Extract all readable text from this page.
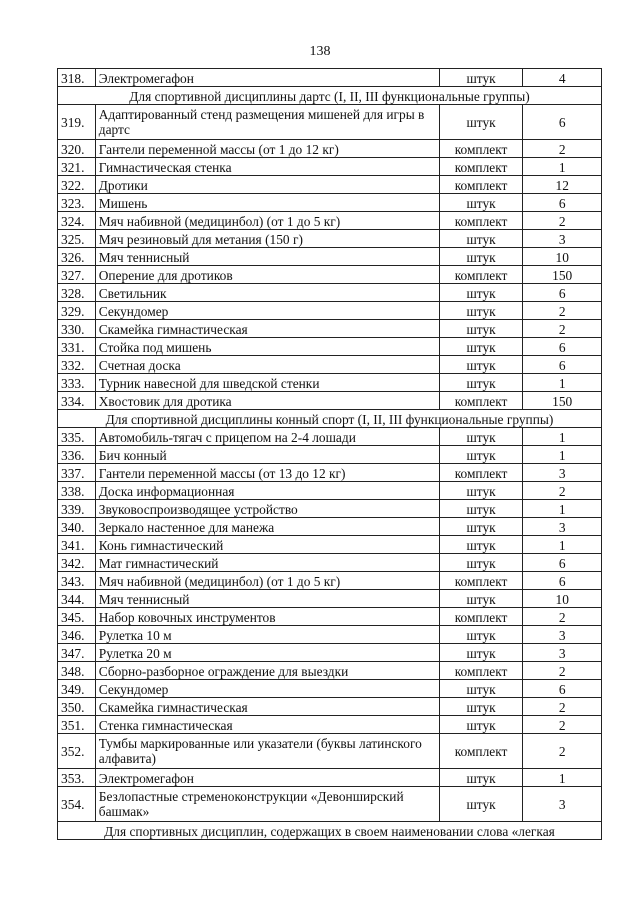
138
318.	Электромегафон	штук	4
Для спортивной дисциплины дартс (I, II, III функциональные группы)			
319.	Адаптированный стенд размещения мишеней для игры в дартс	штук	6
320.	Гантели переменной массы (от 1 до 12 кг)	комплект	2
321.	Гимнастическая стенка	комплект	1
322.	Дротики	комплект	12
323.	Мишень	штук	6
324.	Мяч набивной (медицинбол) (от 1 до 5 кг)	комплект	2
325.	Мяч резиновый для метания (150 г)	штук	3
326.	Мяч теннисный	штук	10
327.	Оперение для дротиков	комплект	150
328.	Светильник	штук	6
329.	Секундомер	штук	2
330.	Скамейка гимнастическая	штук	2
331.	Стойка под мишень	штук	6
332.	Счетная доска	штук	6
333.	Турник навесной для шведской стенки	штук	1
334.	Хвостовик для дротика	комплект	150
Для спортивной дисциплины конный спорт (I, II, III функциональные группы)			
335.	Автомобиль-тягач с прицепом на 2-4 лошади	штук	1
336.	Бич конный	штук	1
337.	Гантели переменной массы (от 13 до 12 кг)	комплект	3
338.	Доска информационная	штук	2
339.	Звуковоспроизводящее устройство	штук	1
340.	Зеркало настенное для манежа	штук	3
341.	Конь гимнастический	штук	1
342.	Мат гимнастический	штук	6
343.	Мяч набивной (медицинбол) (от 1 до 5 кг)	комплект	6
344.	Мяч теннисный	штук	10
345.	Набор ковочных инструментов	комплект	2
346.	Рулетка 10 м	штук	3
347.	Рулетка 20 м	штук	3
348.	Сборно-разборное ограждение для выездки	комплект	2
349.	Секундомер	штук	6
350.	Скамейка гимнастическая	штук	2
351.	Стенка гимнастическая	штук	2
352.	Тумбы маркированные или указатели (буквы латинского алфавита)	комплект	2
353.	Электромегафон	штук	1
354.	Безлопастные стременоконструкции «Девонширский башмак»	штук	3
Для спортивных дисциплин, содержащих в своем наименовании слова «легкая			
